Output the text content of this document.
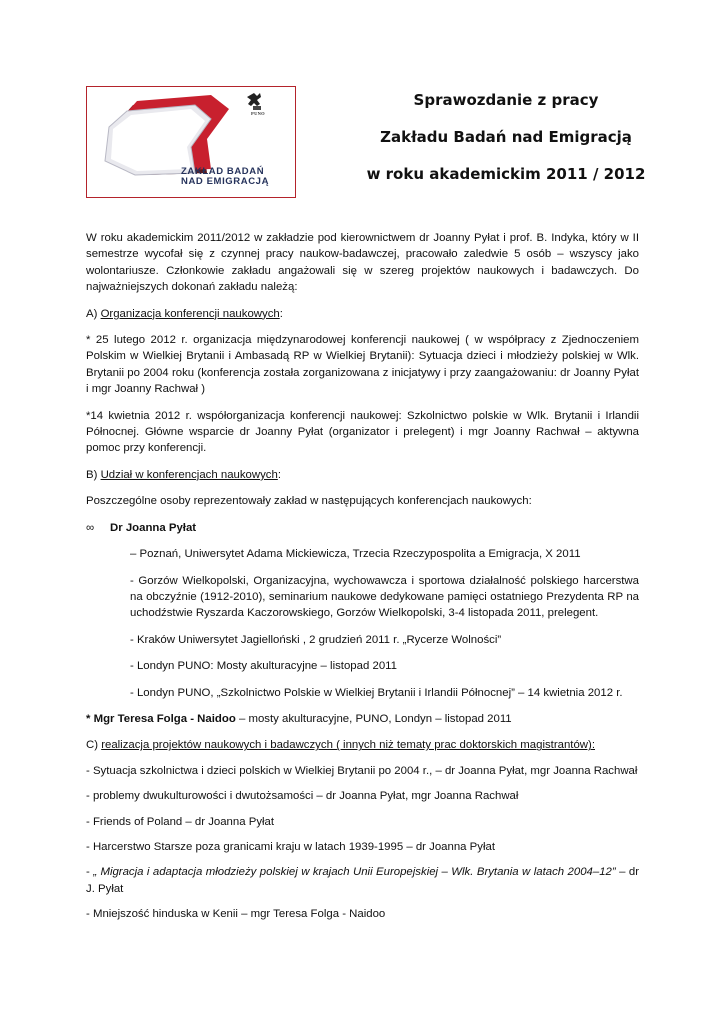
PUNO
ZAKŁAD BADAŃ
NAD EMIGRACJĄ
Sprawozdanie z pracy
Zakładu Badań nad Emigracją
w roku akademickim 2011 / 2012

W roku akademickim 2011/2012 w zakładzie pod kierownictwem dr Joanny Pyłat i prof. B. Indyka, który w II semestrze wycofał się z czynnej pracy naukow-badawczej, pracowało zaledwie 5 osób – wszyscy jako wolontariusze. Członkowie zakładu angażowali się w szereg projektów naukowych i badawczych. Do najważniejszych dokonań zakładu należą:

A) Organizacja konferencji naukowych:

* 25 lutego 2012 r. organizacja międzynarodowej konferencji naukowej ( w współpracy z Zjednoczeniem Polskim w Wielkiej Brytanii i Ambasadą RP w Wielkiej Brytanii): Sytuacja dzieci i młodzieży polskiej w Wlk. Brytanii po 2004 roku (konferencja została zorganizowana z inicjatywy i przy zaangażowaniu: dr Joanny Pyłat i mgr Joanny Rachwał )

*14 kwietnia 2012 r. współorganizacja konferencji naukowej: Szkolnictwo polskie w Wlk. Brytanii i Irlandii Północnej. Główne wsparcie dr Joanny Pyłat (organizator i prelegent) i mgr Joanny Rachwał – aktywna pomoc przy konferencji.

B) Udział w konferencjach naukowych:

Poszczególne osoby reprezentowały zakład w następujących konferencjach naukowych:

∞ Dr Joanna Pyłat

– Poznań, Uniwersytet Adama Mickiewicza, Trzecia Rzeczypospolita a Emigracja, X 2011

- Gorzów Wielkopolski, Organizacyjna, wychowawcza i sportowa działalność polskiego harcerstwa na obczyźnie (1912-2010), seminarium naukowe dedykowane pamięci ostatniego Prezydenta RP na uchodźstwie Ryszarda Kaczorowskiego, Gorzów Wielkopolski, 3-4 listopada 2011, prelegent.

- Kraków Uniwersytet Jagielloński , 2 grudzień 2011 r. „Rycerze Wolności”

- Londyn PUNO: Mosty akulturacyjne – listopad 2011

- Londyn PUNO, „Szkolnictwo Polskie w Wielkiej Brytanii i Irlandii Północnej” – 14 kwietnia 2012 r.

* Mgr Teresa Folga - Naidoo – mosty akulturacyjne, PUNO, Londyn – listopad 2011

C) realizacja projektów naukowych i badawczych ( innych niż tematy prac doktorskich magistrantów):

- Sytuacja szkolnictwa i dzieci polskich w Wielkiej Brytanii po 2004 r., – dr Joanna Pyłat, mgr Joanna Rachwał

- problemy dwukulturowości i dwutożsamości – dr Joanna Pyłat, mgr Joanna Rachwał

- Friends of Poland – dr Joanna Pyłat

- Harcerstwo Starsze poza granicami kraju w latach 1939-1995 – dr Joanna Pyłat

- „ Migracja i adaptacja młodzieży polskiej w krajach Unii Europejskiej – Wlk. Brytania w latach 2004–12” – dr J. Pyłat

- Mniejszość hinduska w Kenii – mgr Teresa Folga - Naidoo
